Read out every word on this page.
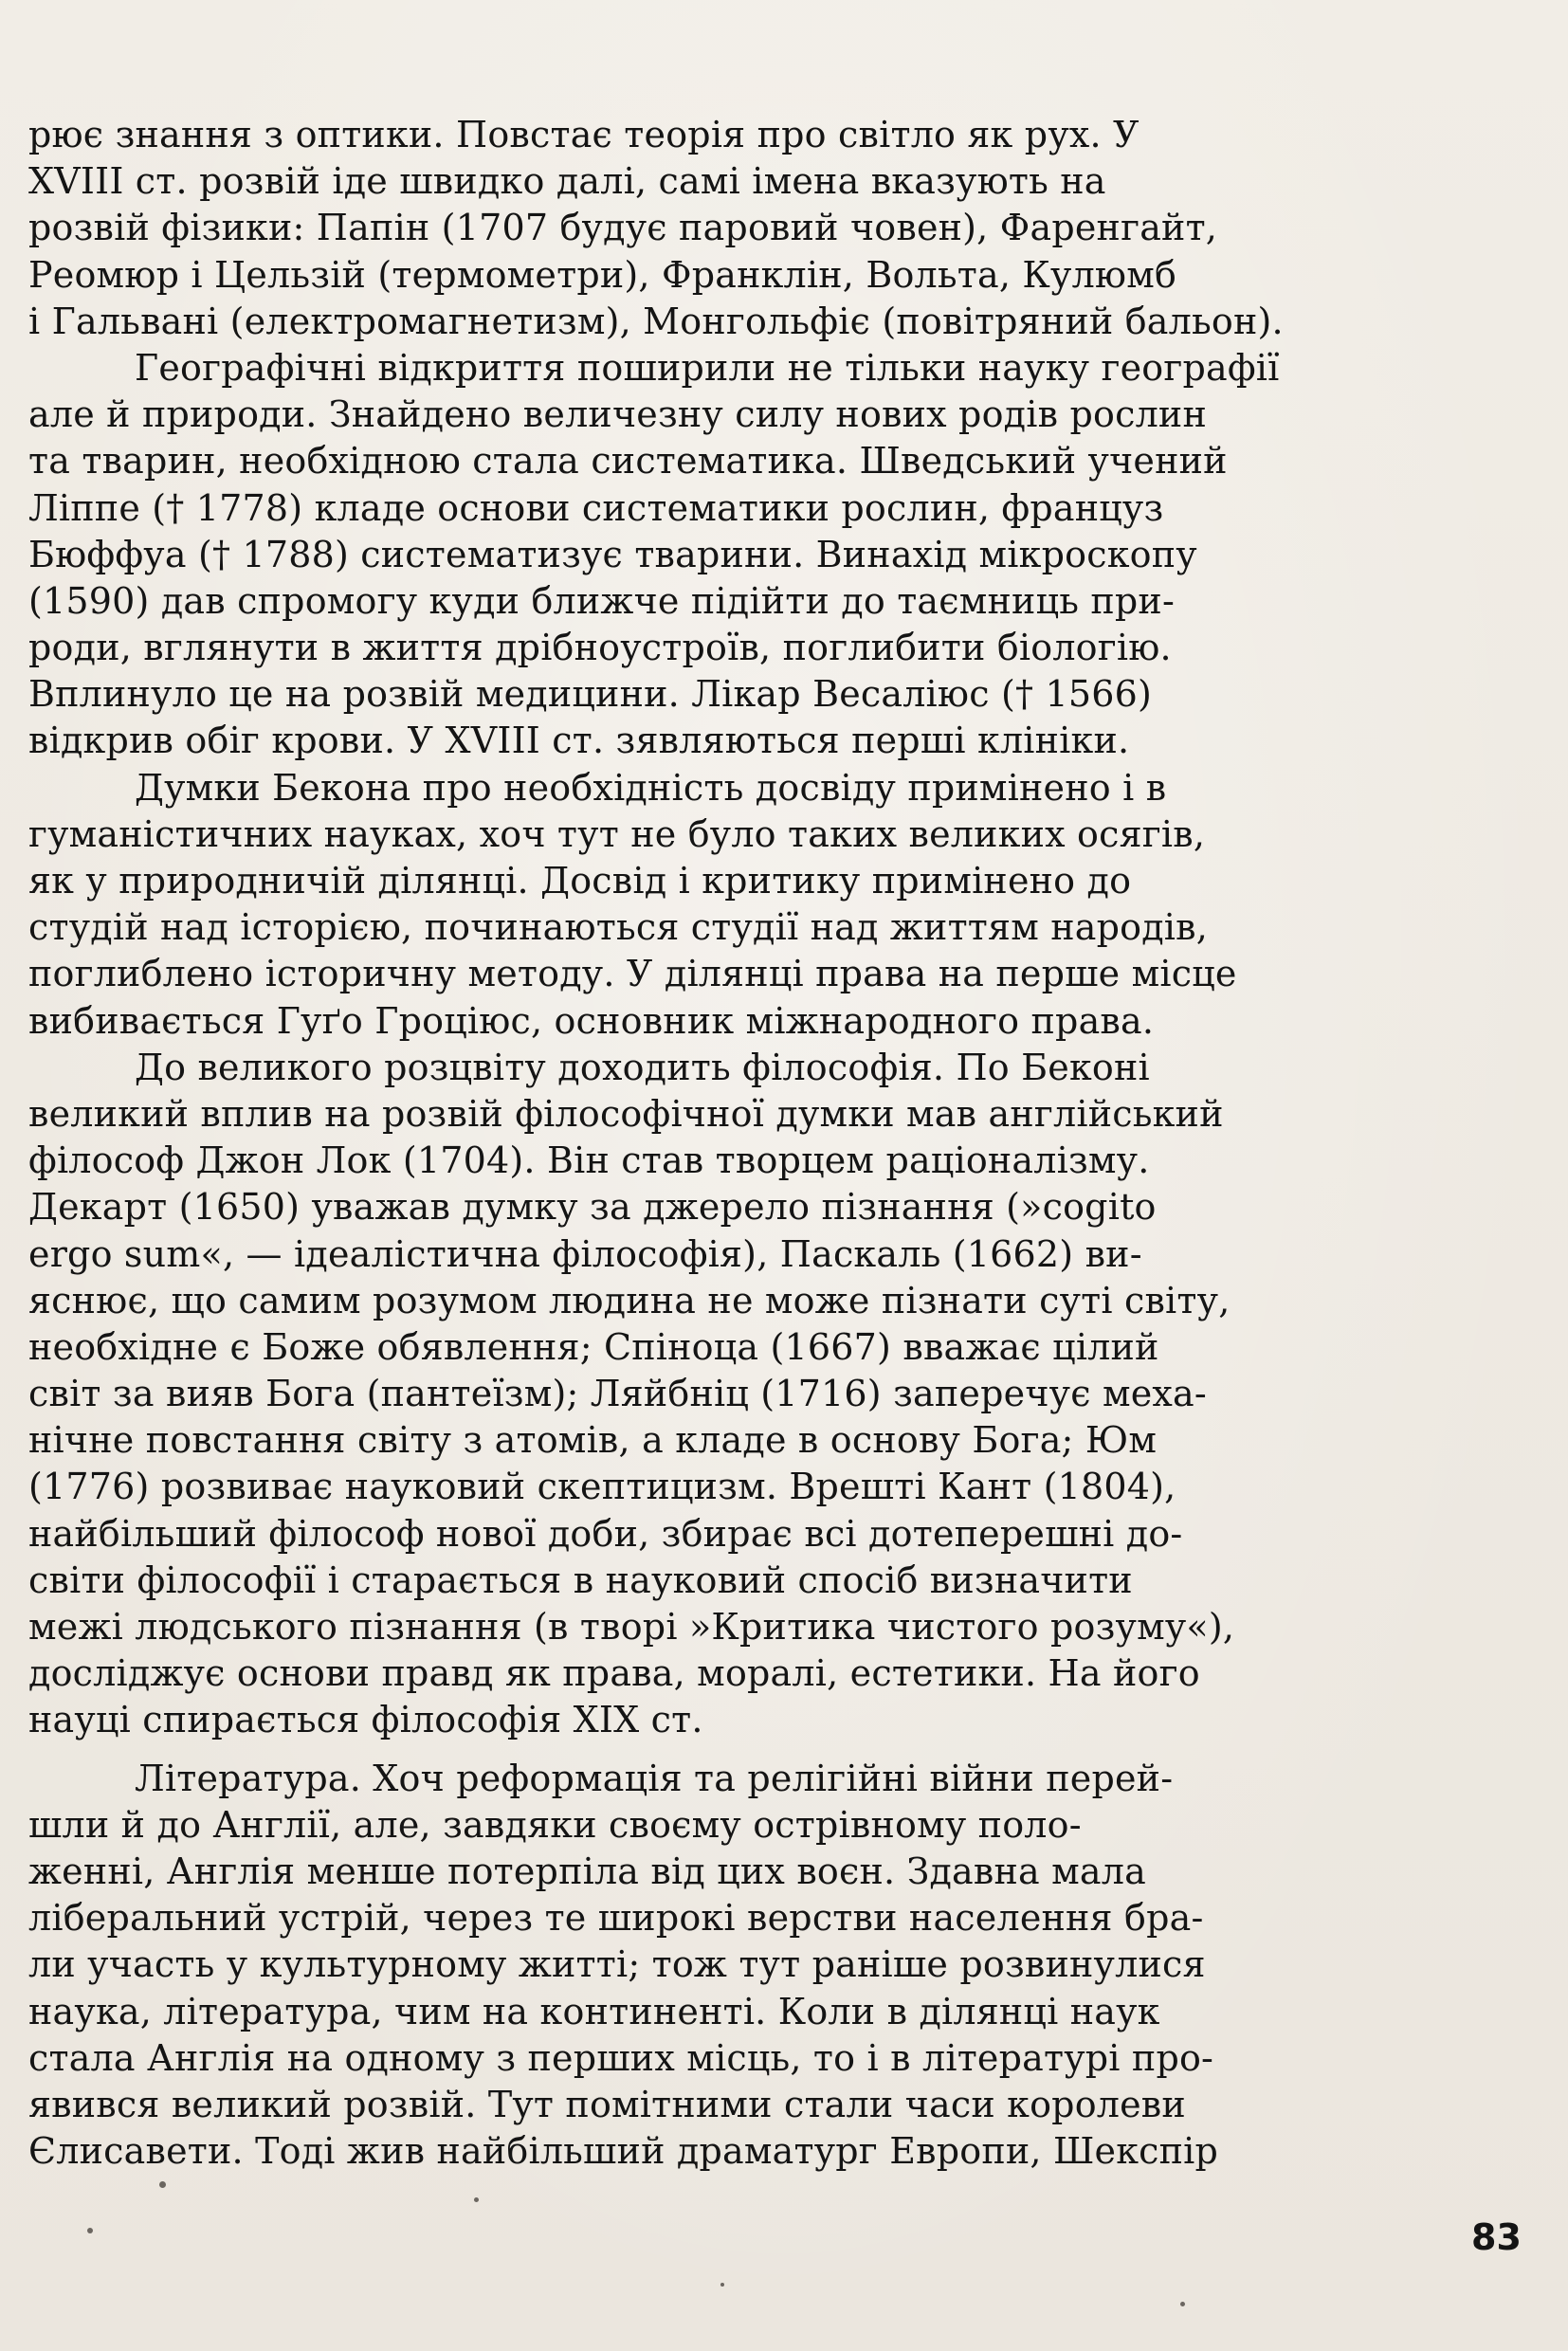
рює знання з оптики. Повстає теорія про світло як рух. У
XVIII ст. розвій іде швидко далі, самі імена вказують на
розвій фізики: Папін (1707 будує паровий човен), Фаренгайт,
Реомюр і Цельзій (термометри), Франклін, Вольта, Кулюмб
і Гальвані (електромагнетизм), Монгольфіє (повітряний бальон).
Географічні відкриття поширили не тільки науку географії
але й природи. Знайдено величезну силу нових родів рослин
та тварин, необхідною стала систематика. Шведський учений
Ліппе († 1778) кладе основи систематики рослин, француз
Бюффуа († 1788) систематизує тварини. Винахід мікроскопу
(1590) дав спромогу куди ближче підійти до таємниць при-
роди, вглянути в життя дрібноустроїв, поглибити біологію.
Вплинуло це на розвій медицини. Лікар Весаліюс († 1566)
відкрив обіг крови. У XVIII ст. зявляються перші клініки.
Думки Бекона про необхідність досвіду примінено і в
гуманістичних науках, хоч тут не було таких великих осягів,
як у природничій ділянці. Досвід і критику примінено до
студій над історією, починаються студії над життям народів,
поглиблено історичну методу. У ділянці права на перше місце
вибивається Гуґо Гроціюс, основник міжнародного права.
До великого розцвіту доходить філософія. По Беконі
великий вплив на розвій філософічної думки мав англійський
філософ Джон Лок (1704). Він став творцем раціоналізму.
Декарт (1650) уважав думку за джерело пізнання (»cogito
ergo sum«, — ідеалістична філософія), Паскаль (1662) ви-
яснює, що самим розумом людина не може пізнати суті світу,
необхідне є Боже обявлення; Спіноца (1667) вважає цілий
світ за вияв Бога (пантеїзм); Ляйбніц (1716) заперечує меха-
нічне повстання світу з атомів, а кладе в основу Бога; Юм
(1776) розвиває науковий скептицизм. Врешті Кант (1804),
найбільший філософ нової доби, збирає всі дотеперешні до-
світи філософії і старається в науковий спосіб визначити
межі людського пізнання (в творі »Критика чистого розуму«),
досліджує основи правд як права, моралі, естетики. На його
науці спирається філософія XIX ст.
Література. Хоч реформація та релігійні війни перей-
шли й до Англії, але, завдяки своєму острівному поло-
женні, Англія менше потерпіла від цих воєн. Здавна мала
ліберальний устрій, через те широкі верстви населення бра-
ли участь у культурному житті; тож тут раніше розвинулися
наука, література, чим на континенті. Коли в ділянці наук
стала Англія на одному з перших місць, то і в літературі про-
явився великий розвій. Тут помітними стали часи королеви
Єлисавети. Тоді жив найбільший драматург Европи, Шекспір
83
